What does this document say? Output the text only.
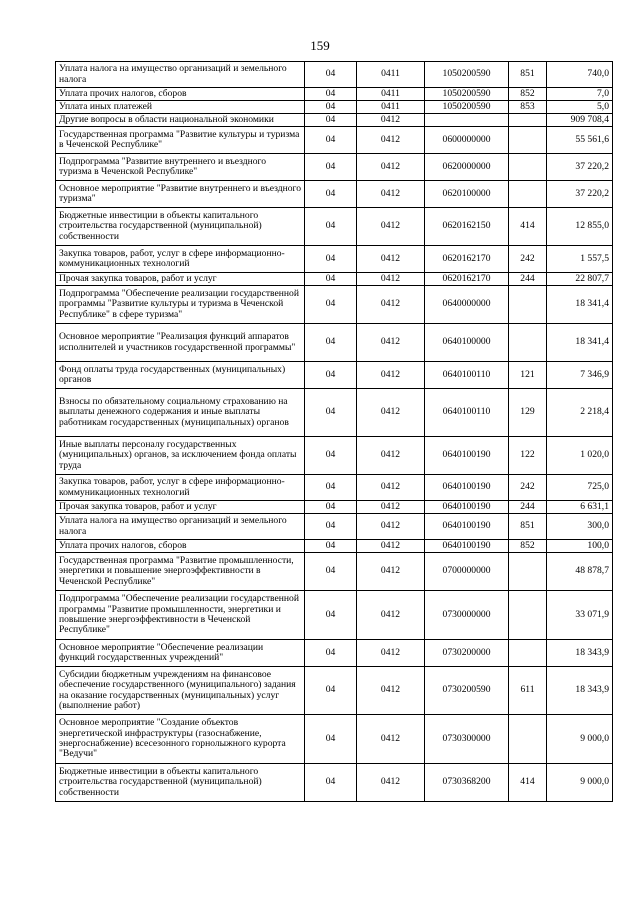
159
Уплата налога на имущество организаций и земельного налога	04	0411	1050200590	851	740,0
Уплата прочих налогов, сборов	04	0411	1050200590	852	7,0
Уплата иных платежей	04	0411	1050200590	853	5,0
Другие вопросы в области национальной экономики	04	0412			909 708,4
Государственная программа "Развитие культуры и туризма в Чеченской Республике"	04	0412	0600000000		55 561,6
Подпрограмма "Развитие внутреннего и въездного туризма в Чеченской Республике"	04	0412	0620000000		37 220,2
Основное мероприятие "Развитие внутреннего и въездного туризма"	04	0412	0620100000		37 220,2
Бюджетные инвестиции в объекты капитального строительства государственной (муниципальной) собственности	04	0412	0620162150	414	12 855,0
Закупка товаров, работ, услуг в сфере информационно-коммуникационных технологий	04	0412	0620162170	242	1 557,5
Прочая закупка товаров, работ и услуг	04	0412	0620162170	244	22 807,7
Подпрограмма "Обеспечение реализации государственной программы "Развитие культуры и туризма в Чеченской Республике" в сфере туризма"	04	0412	0640000000		18 341,4
Основное мероприятие "Реализация функций аппаратов исполнителей и участников государственной программы"	04	0412	0640100000		18 341,4
Фонд оплаты труда государственных (муниципальных) органов	04	0412	0640100110	121	7 346,9
Взносы по обязательному социальному страхованию на выплаты денежного содержания и иные выплаты работникам государственных (муниципальных) органов	04	0412	0640100110	129	2 218,4
Иные выплаты персоналу государственных (муниципальных) органов, за исключением фонда оплаты труда	04	0412	0640100190	122	1 020,0
Закупка товаров, работ, услуг в сфере информационно-коммуникационных технологий	04	0412	0640100190	242	725,0
Прочая закупка товаров, работ и услуг	04	0412	0640100190	244	6 631,1
Уплата налога на имущество организаций и земельного налога	04	0412	0640100190	851	300,0
Уплата прочих налогов, сборов	04	0412	0640100190	852	100,0
Государственная программа "Развитие промышленности, энергетики и повышение энергоэффективности в Чеченской Республике"	04	0412	0700000000		48 878,7
Подпрограмма "Обеспечение реализации государственной программы "Развитие промышленности, энергетики и повышение энергоэффективности в Чеченской Республике"	04	0412	0730000000		33 071,9
Основное мероприятие "Обеспечение реализации функций государственных учреждений"	04	0412	0730200000		18 343,9
Субсидии бюджетным учреждениям на финансовое обеспечение государственного (муниципального) задания на оказание государственных (муниципальных) услуг (выполнение работ)	04	0412	0730200590	611	18 343,9
Основное мероприятие "Создание объектов энергетической инфраструктуры (газоснабжение, энергоснабжение) всесезонного горнолыжного курорта "Ведучи"	04	0412	0730300000		9 000,0
Бюджетные инвестиции в объекты капитального строительства государственной (муниципальной) собственности	04	0412	0730368200	414	9 000,0
